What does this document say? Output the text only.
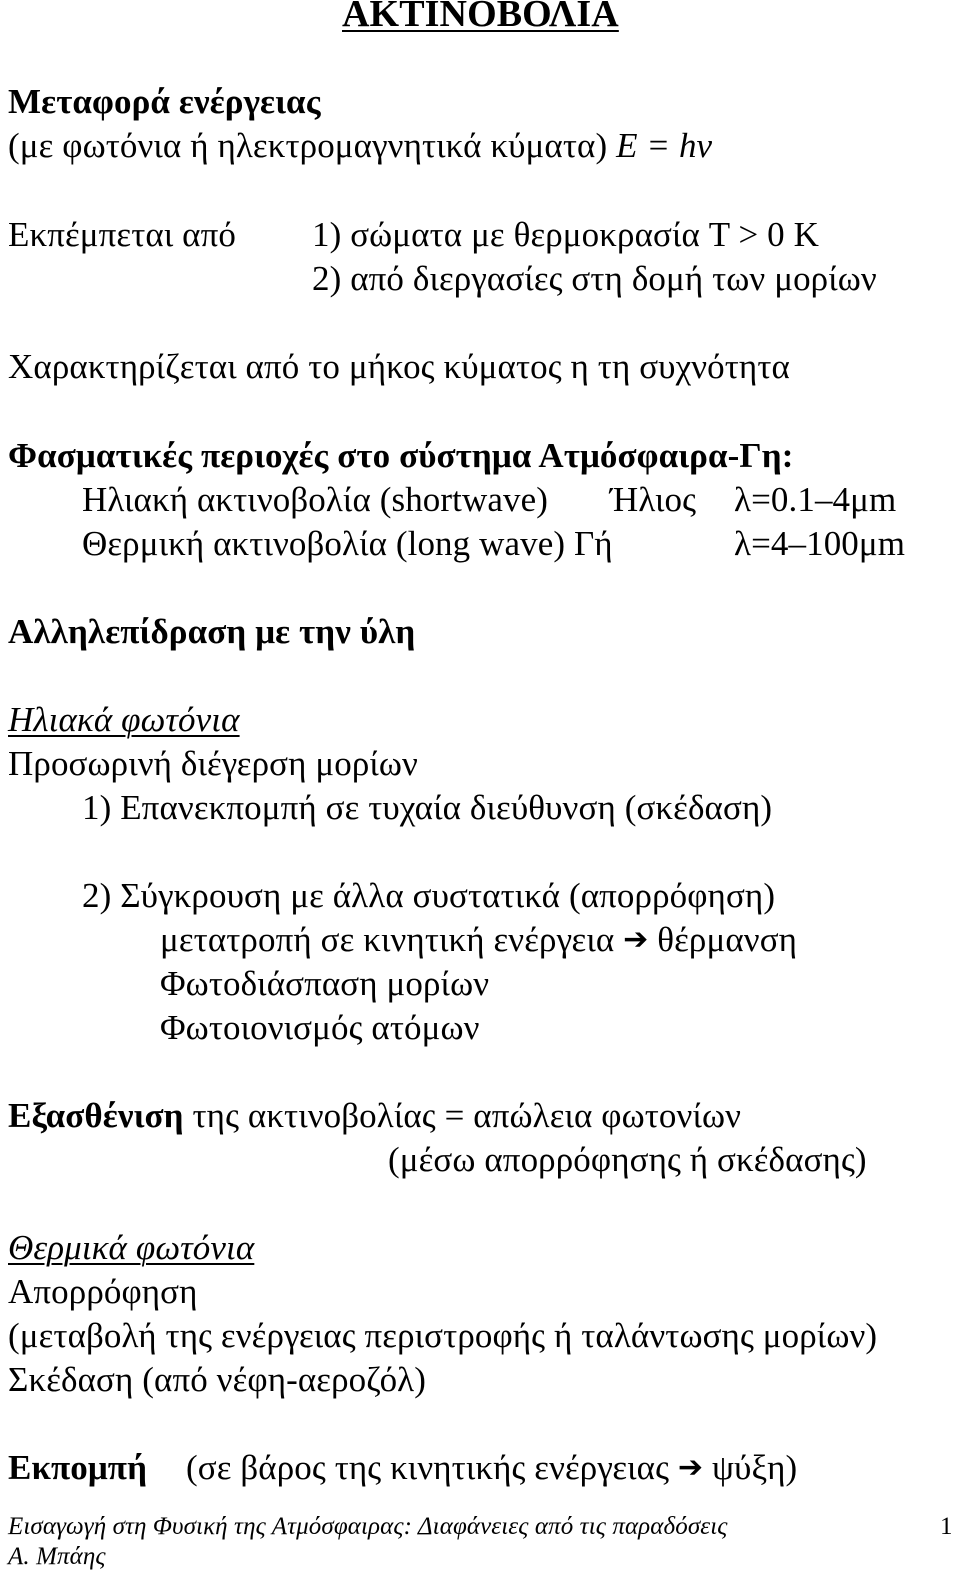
ΑΚΤΙΝΟΒΟΛΙΑ
Μεταφορά ενέργειας
(με φωτόνια ή ηλεκτρομαγνητικά κύματα) E = hν
Εκπέμπεται από 1) σώματα με θερμοκρασία T > 0 K
2) από διεργασίες στη δομή των μορίων
Χαρακτηρίζεται από το μήκος κύματος η τη συχνότητα
Φασματικές περιοχές στο σύστημα Ατμόσφαιρα-Γη:
Ηλιακή ακτινοβολία (shortwave) Ήλιος λ=0.1–4μm
Θερμική ακτινοβολία (long wave) Γή	λ=4–100μm
Αλληλεπίδραση με την ύλη
Ηλιακά φωτόνια
Προσωρινή διέγερση μορίων
1) Επανεκπομπή σε τυχαία διεύθυνση (σκέδαση)
2) Σύγκρουση με άλλα συστατικά (απορρόφηση)
μετατροπή σε κινητική ενέργεια ➔ θέρμανση
Φωτοδιάσπαση μορίων
Φωτοιονισμός ατόμων
Εξασθένιση της ακτινοβολίας = απώλεια φωτονίων
(μέσω απορρόφησης ή σκέδασης)
Θερμικά φωτόνια
Απορρόφηση
(μεταβολή της ενέργειας περιστροφής ή ταλάντωσης μορίων)
Σκέδαση (από νέφη-αεροζόλ)
Εκπομπή (σε βάρος της κινητικής ενέργειας ➔ ψύξη)
Εισαγωγή στη Φυσική της Ατμόσφαιρας: Διαφάνειες από τις παραδόσεις
Α. Μπάης
1
